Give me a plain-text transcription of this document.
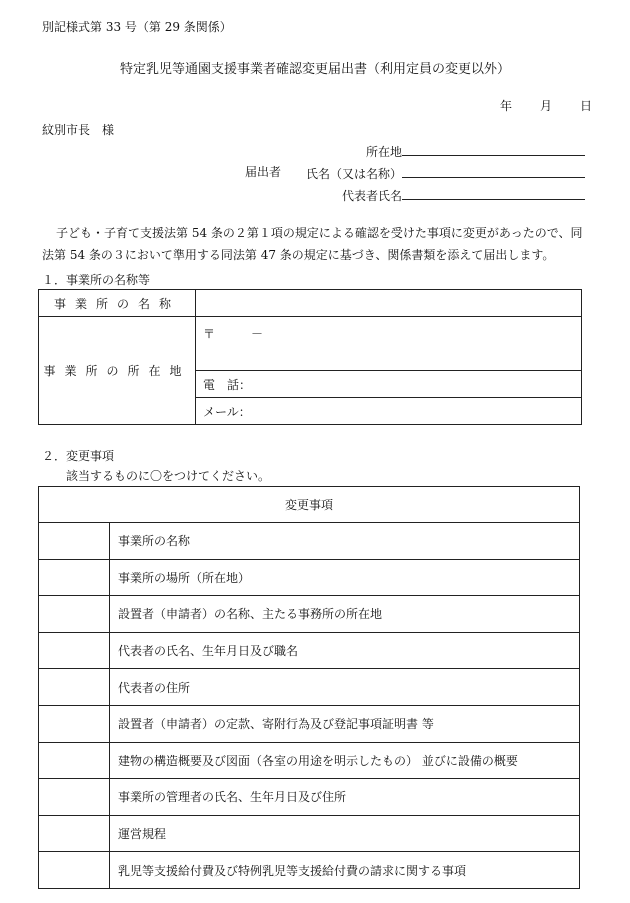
別記様式第 33 号（第 29 条関係）
特定乳児等通園支援事業者確認変更届出書（利用定員の変更以外）
年 月 日
紋別市長　様
所在地
届出者 氏名（又は名称）
代表者氏名
子ども・子育て支援法第 54 条の２第１項の規定による確認を受けた事項に変更があったので、同
法第 54 条の３において準用する同法第 47 条の規定に基づき、関係書類を添えて届出します。
１．事業所の名称等
事業所の名称	
事業所の所在地	〒　　　－
	電　話：
	メール：
２．変更事項
該当するものに〇をつけてください。
変更事項	
	事業所の名称
	事業所の場所（所在地）
	設置者（申請者）の名称、主たる事務所の所在地
	代表者の氏名、生年月日及び職名
	代表者の住所
	設置者（申請者）の定款、寄附行為及び登記事項証明書 等
	建物の構造概要及び図面（各室の用途を明示したもの） 並びに設備の概要
	事業所の管理者の氏名、生年月日及び住所
	運営規程
	乳児等支援給付費及び特例乳児等支援給付費の請求に関する事項
